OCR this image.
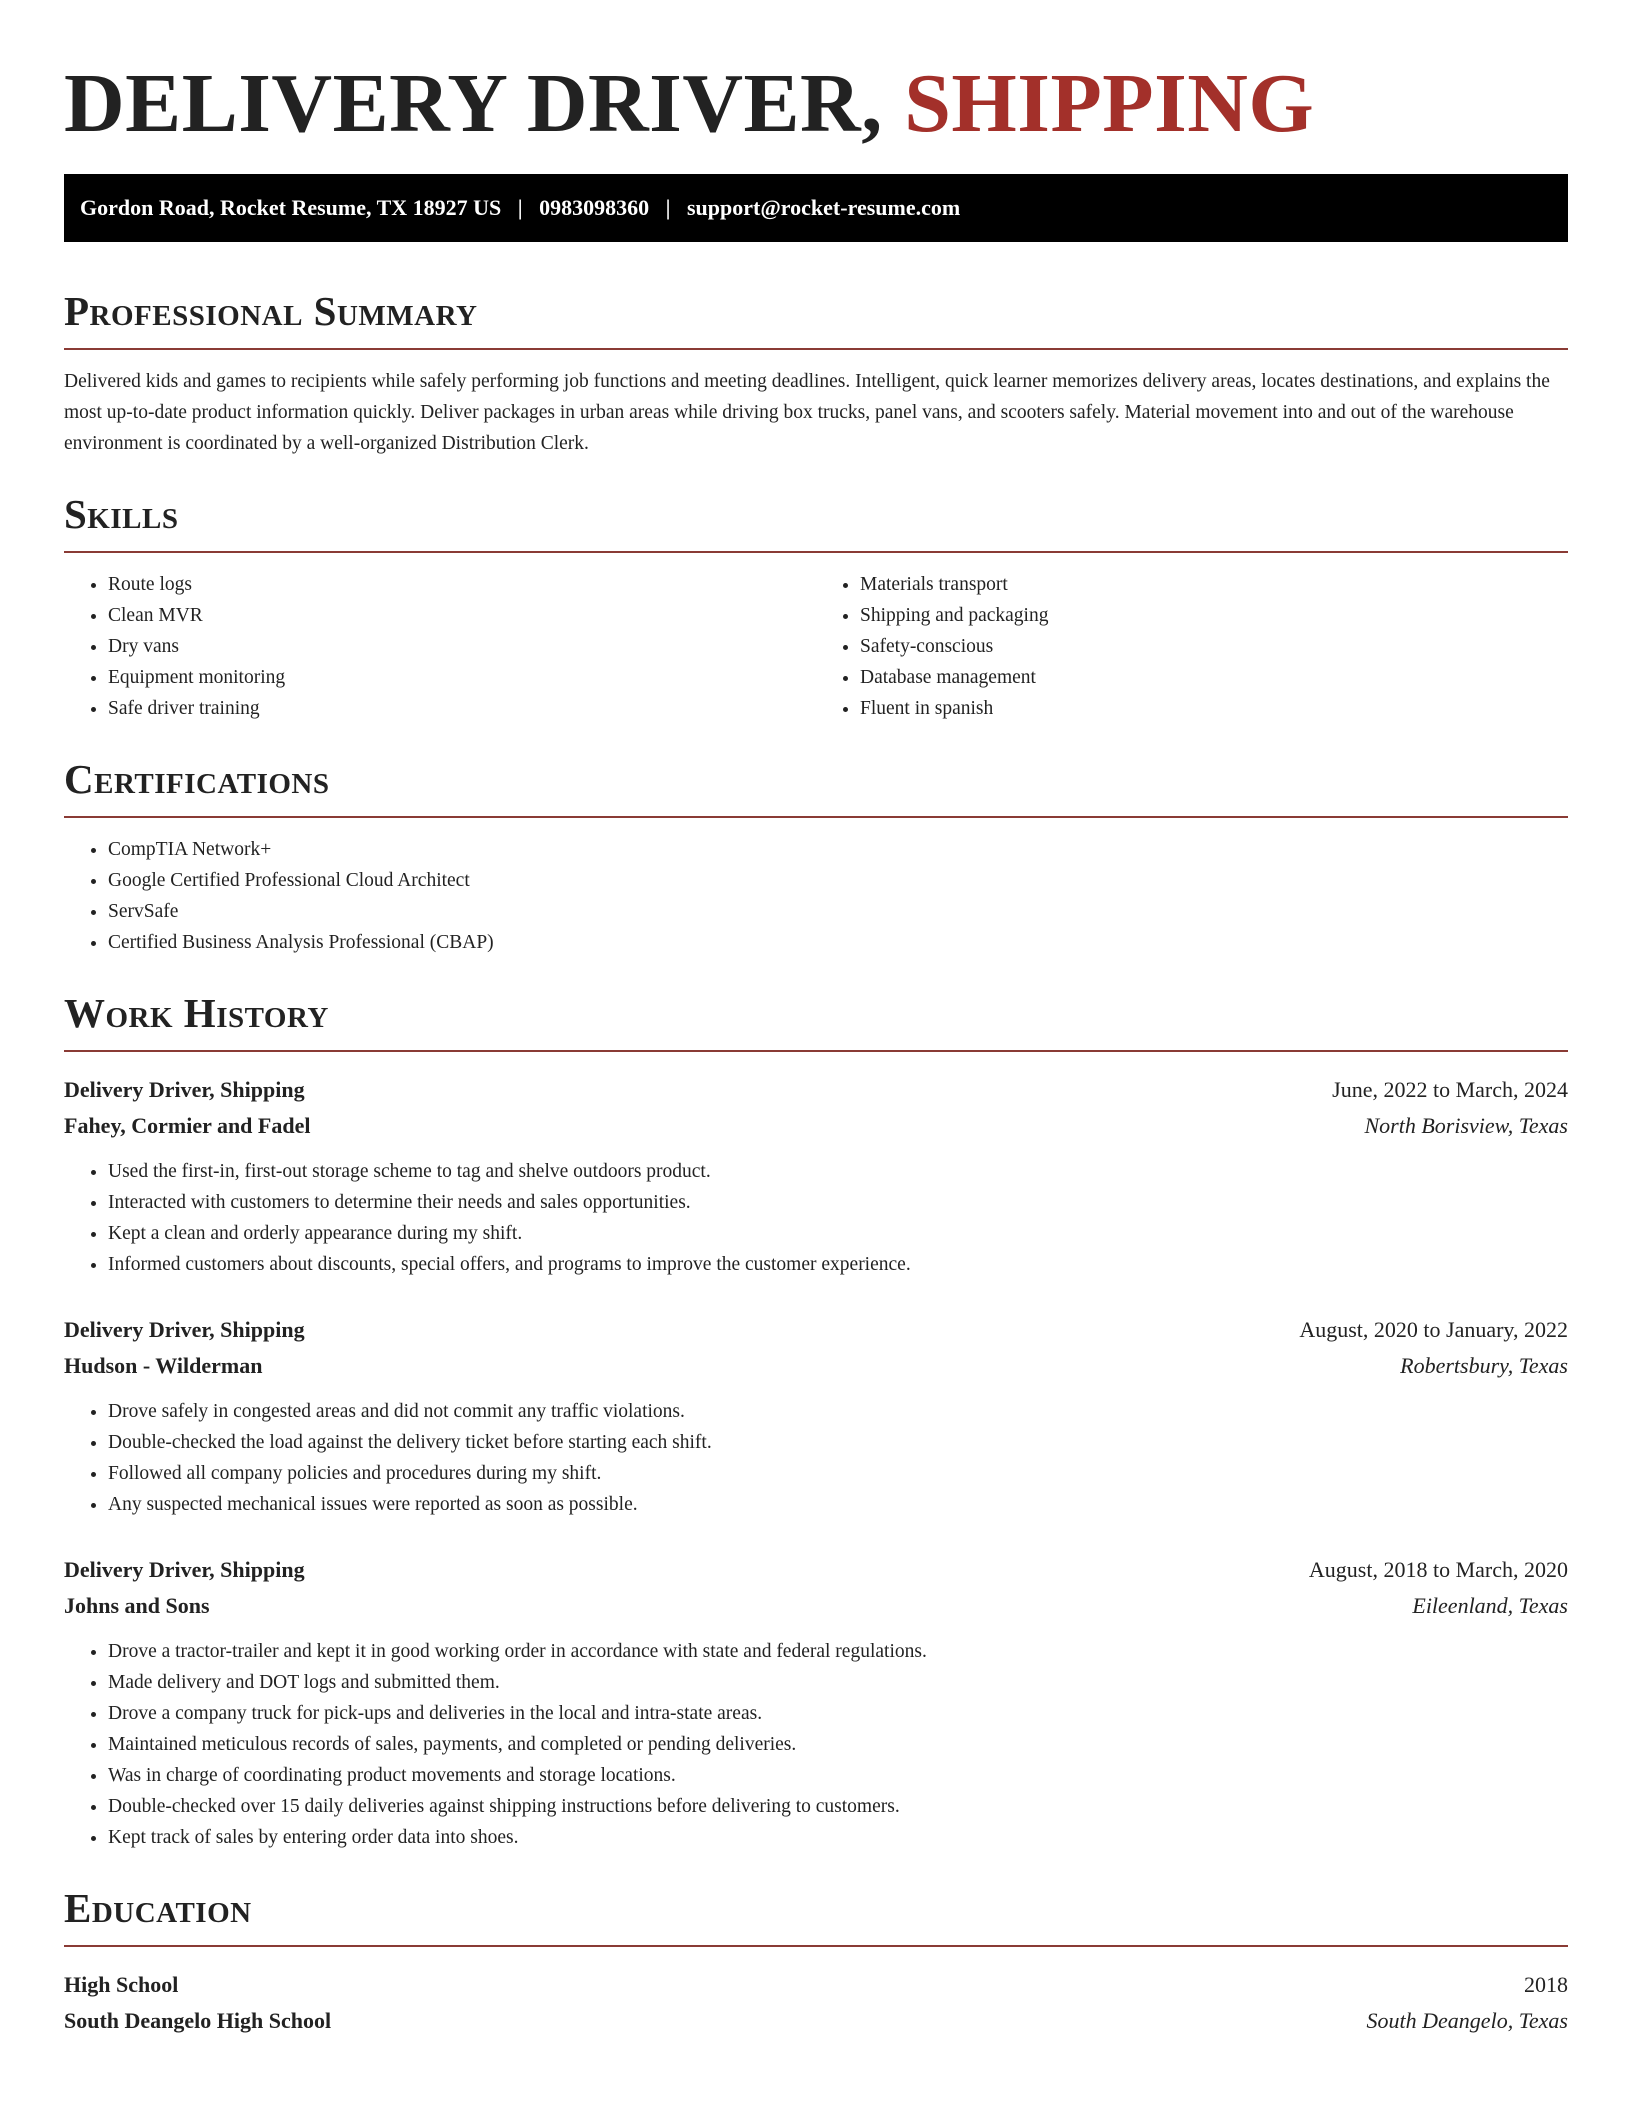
DELIVERY DRIVER, SHIPPING
Gordon Road, Rocket Resume, TX 18927 US   |   0983098360   |   support@rocket-resume.com
Professional Summary

Delivered kids and games to recipients while safely performing job functions and meeting deadlines. Intelligent, quick learner memorizes delivery areas, locates destinations, and explains the most up-to-date product information quickly. Deliver packages in urban areas while driving box trucks, panel vans, and scooters safely. Material movement into and out of the warehouse environment is coordinated by a well-organized Distribution Clerk.

Skills
• Route logs
• Clean MVR
• Dry vans
• Equipment monitoring
• Safe driver training
• Materials transport
• Shipping and packaging
• Safety-conscious
• Database management
• Fluent in spanish
Certifications
• CompTIA Network+
• Google Certified Professional Cloud Architect
• ServSafe
• Certified Business Analysis Professional (CBAP)
Work History
Delivery Driver, Shipping	June, 2022 to March, 2024
Fahey, Cormier and Fadel	North Borisview, Texas
• Used the first-in, first-out storage scheme to tag and shelve outdoors product.
• Interacted with customers to determine their needs and sales opportunities.
• Kept a clean and orderly appearance during my shift.
• Informed customers about discounts, special offers, and programs to improve the customer experience.
Delivery Driver, Shipping	August, 2020 to January, 2022
Hudson - Wilderman	Robertsbury, Texas
• Drove safely in congested areas and did not commit any traffic violations.
• Double-checked the load against the delivery ticket before starting each shift.
• Followed all company policies and procedures during my shift.
• Any suspected mechanical issues were reported as soon as possible.
Delivery Driver, Shipping	August, 2018 to March, 2020
Johns and Sons	Eileenland, Texas
• Drove a tractor-trailer and kept it in good working order in accordance with state and federal regulations.
• Made delivery and DOT logs and submitted them.
• Drove a company truck for pick-ups and deliveries in the local and intra-state areas.
• Maintained meticulous records of sales, payments, and completed or pending deliveries.
• Was in charge of coordinating product movements and storage locations.
• Double-checked over 15 daily deliveries against shipping instructions before delivering to customers.
• Kept track of sales by entering order data into shoes.
Education
High School	2018
South Deangelo High School	South Deangelo, Texas
